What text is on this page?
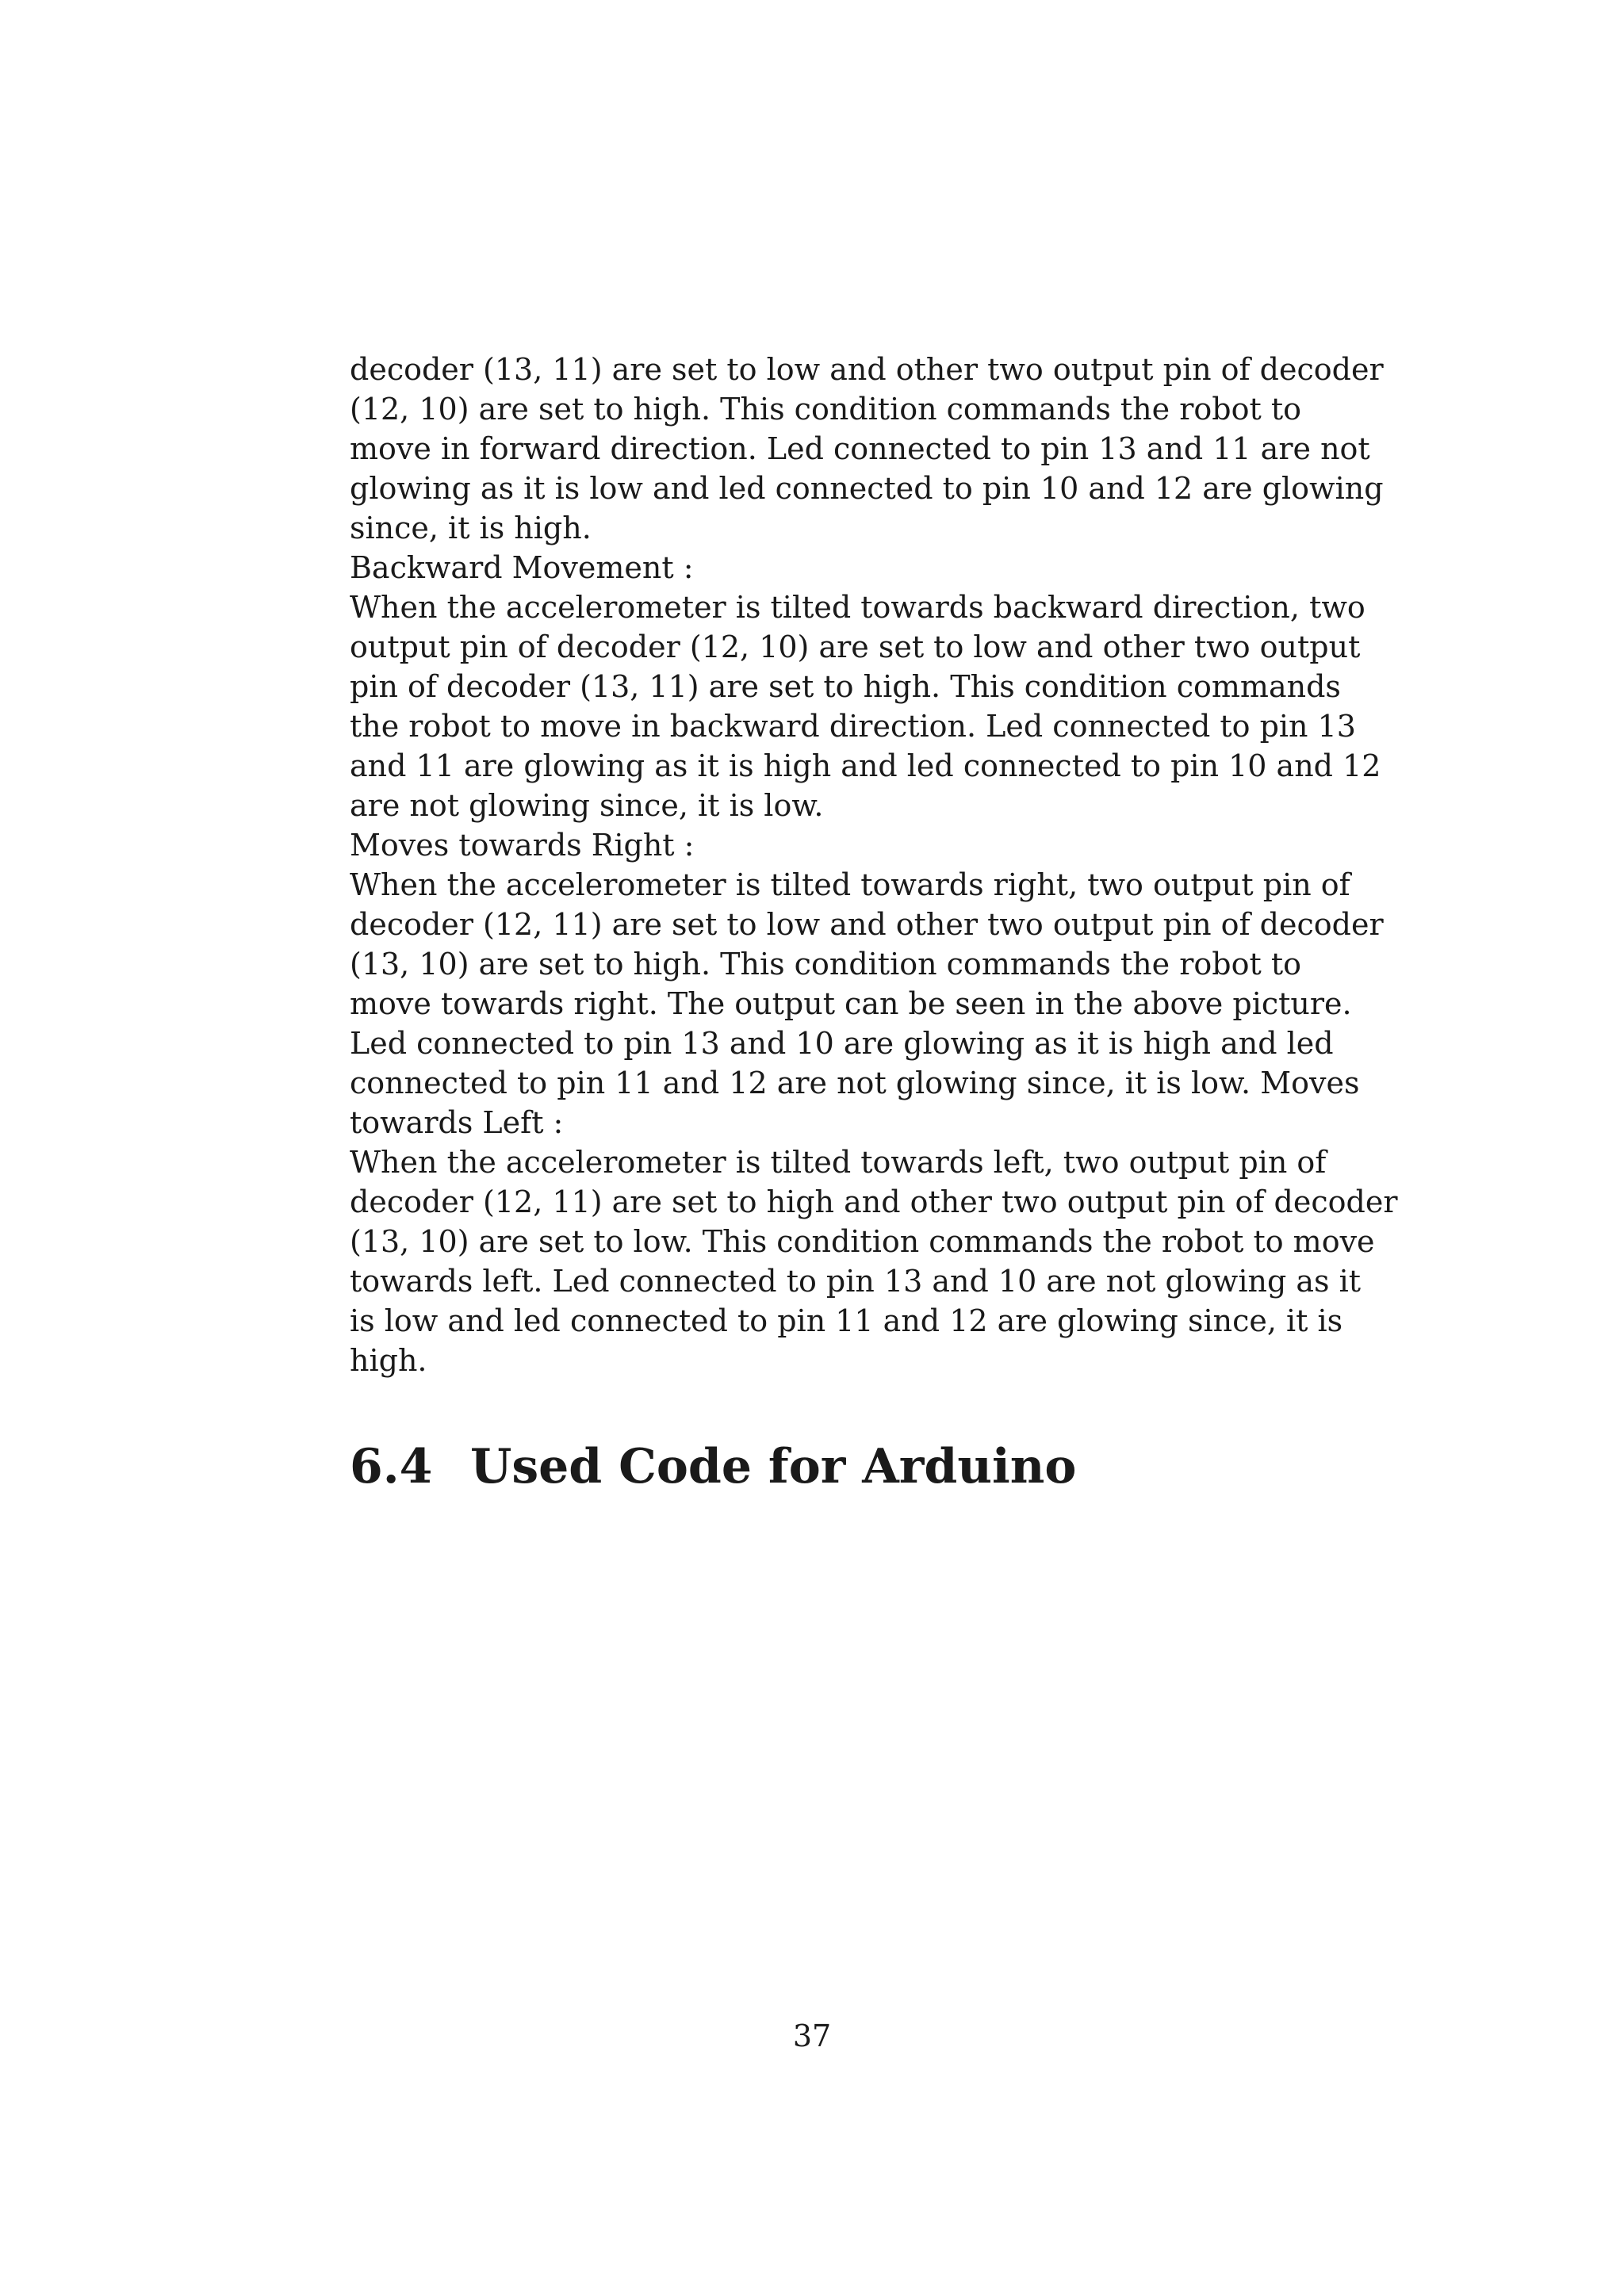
decoder (13, 11) are set to low and other two output pin of decoder
(12, 10) are set to high. This condition commands the robot to
move in forward direction. Led connected to pin 13 and 11 are not
glowing as it is low and led connected to pin 10 and 12 are glowing
since, it is high.
Backward Movement :
When the accelerometer is tilted towards backward direction, two
output pin of decoder (12, 10) are set to low and other two output
pin of decoder (13, 11) are set to high. This condition commands
the robot to move in backward direction. Led connected to pin 13
and 11 are glowing as it is high and led connected to pin 10 and 12
are not glowing since, it is low.
Moves towards Right :
When the accelerometer is tilted towards right, two output pin of
decoder (12, 11) are set to low and other two output pin of decoder
(13, 10) are set to high. This condition commands the robot to
move towards right. The output can be seen in the above picture.
Led connected to pin 13 and 10 are glowing as it is high and led
connected to pin 11 and 12 are not glowing since, it is low. Moves
towards Left :
When the accelerometer is tilted towards left, two output pin of
decoder (12, 11) are set to high and other two output pin of decoder
(13, 10) are set to low. This condition commands the robot to move
towards left. Led connected to pin 13 and 10 are not glowing as it
is low and led connected to pin 11 and 12 are glowing since, it is
high.
6.4 Used Code for Arduino
37
